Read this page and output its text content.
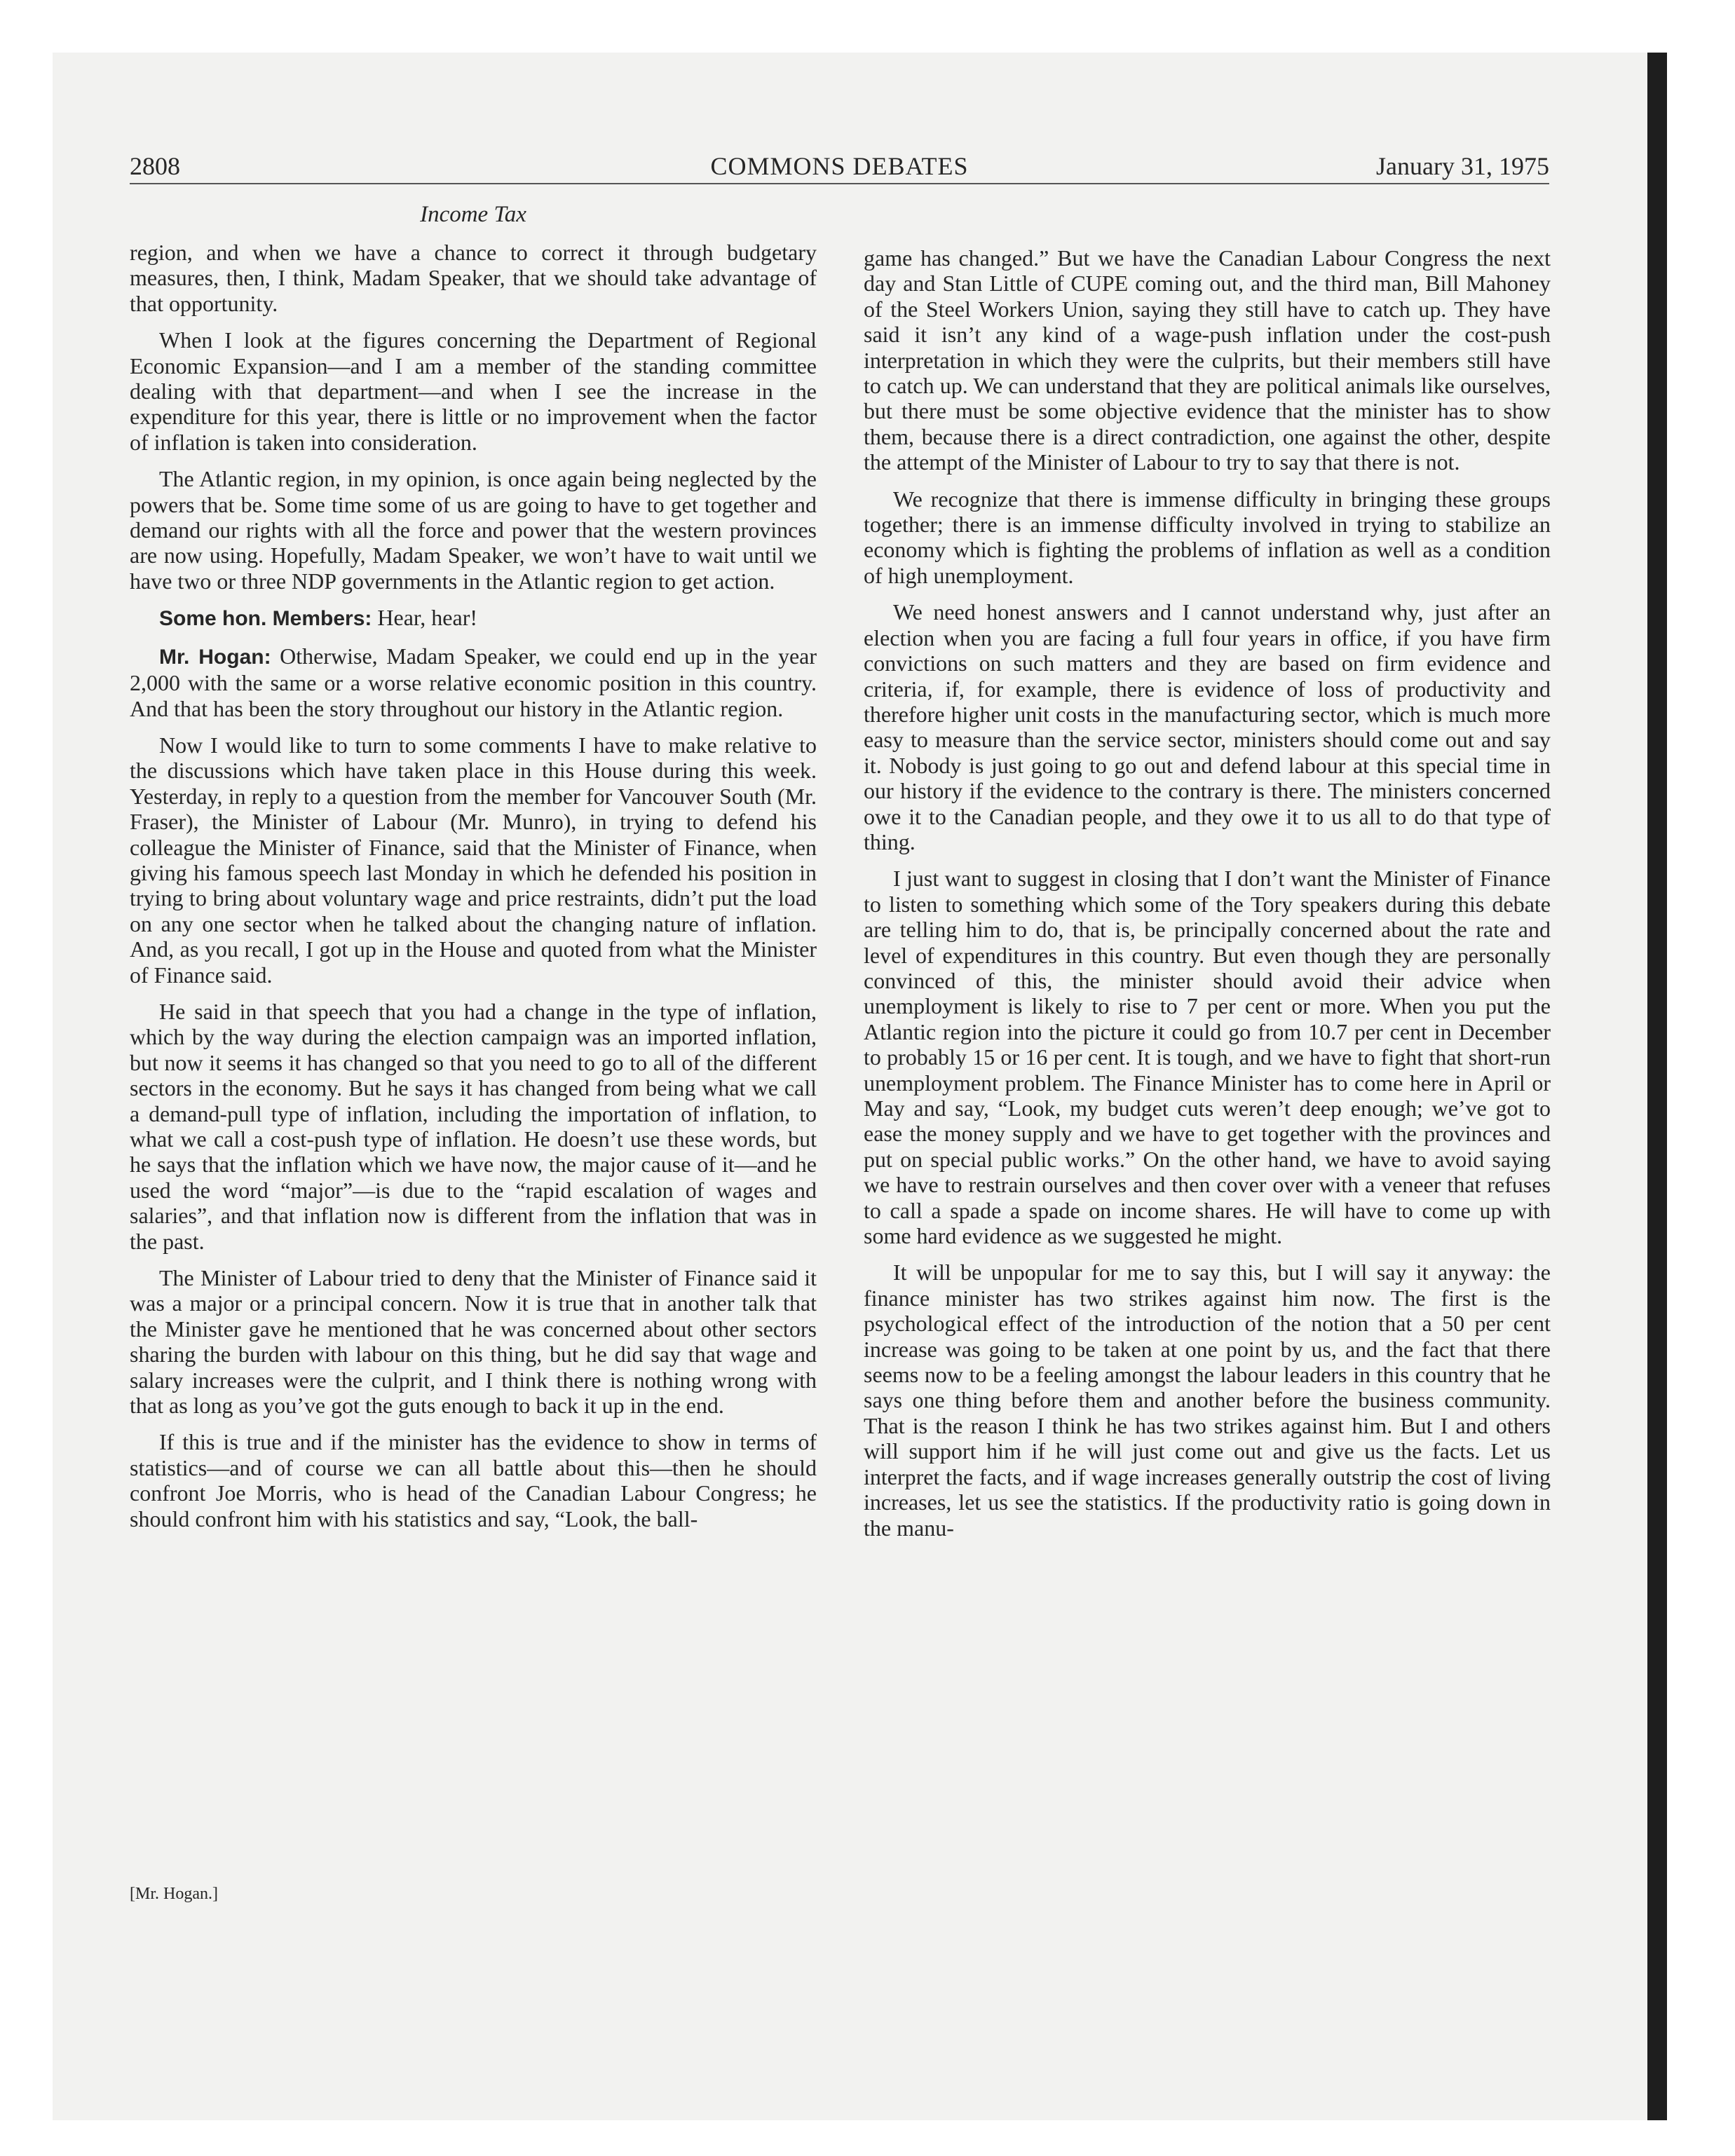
2808	COMMONS DEBATES	January 31, 1975
Income Tax

region, and when we have a chance to correct it through budgetary measures, then, I think, Madam Speaker, that we should take advantage of that opportunity.

When I look at the figures concerning the Department of Regional Economic Expansion—and I am a member of the standing committee dealing with that department—and when I see the increase in the expenditure for this year, there is little or no improvement when the factor of inflation is taken into consideration.

The Atlantic region, in my opinion, is once again being neglected by the powers that be. Some time some of us are going to have to get together and demand our rights with all the force and power that the western provinces are now using. Hopefully, Madam Speaker, we won’t have to wait until we have two or three NDP governments in the Atlantic region to get action.

Some hon. Members: Hear, hear!

Mr. Hogan: Otherwise, Madam Speaker, we could end up in the year 2,000 with the same or a worse relative economic position in this country. And that has been the story throughout our history in the Atlantic region.

Now I would like to turn to some comments I have to make relative to the discussions which have taken place in this House during this week. Yesterday, in reply to a question from the member for Vancouver South (Mr. Fraser), the Minister of Labour (Mr. Munro), in trying to defend his colleague the Minister of Finance, said that the Minister of Finance, when giving his famous speech last Monday in which he defended his position in trying to bring about voluntary wage and price restraints, didn’t put the load on any one sector when he talked about the changing nature of inflation. And, as you recall, I got up in the House and quoted from what the Minister of Finance said.

He said in that speech that you had a change in the type of inflation, which by the way during the election campaign was an imported inflation, but now it seems it has changed so that you need to go to all of the different sectors in the economy. But he says it has changed from being what we call a demand-pull type of inflation, including the importation of inflation, to what we call a cost-push type of inflation. He doesn’t use these words, but he says that the inflation which we have now, the major cause of it—and he used the word “major”—is due to the “rapid escalation of wages and salaries”, and that inflation now is different from the inflation that was in the past.

The Minister of Labour tried to deny that the Minister of Finance said it was a major or a principal concern. Now it is true that in another talk that the Minister gave he mentioned that he was concerned about other sectors sharing the burden with labour on this thing, but he did say that wage and salary increases were the culprit, and I think there is nothing wrong with that as long as you’ve got the guts enough to back it up in the end.

If this is true and if the minister has the evidence to show in terms of statistics—and of course we can all battle about this—then he should confront Joe Morris, who is head of the Canadian Labour Congress; he should confront him with his statistics and say, “Look, the ball-

[Mr. Hogan.]

game has changed.” But we have the Canadian Labour Congress the next day and Stan Little of CUPE coming out, and the third man, Bill Mahoney of the Steel Workers Union, saying they still have to catch up. They have said it isn’t any kind of a wage-push inflation under the cost-push interpretation in which they were the culprits, but their members still have to catch up. We can understand that they are political animals like ourselves, but there must be some objective evidence that the minister has to show them, because there is a direct contradiction, one against the other, despite the attempt of the Minister of Labour to try to say that there is not.

We recognize that there is immense difficulty in bringing these groups together; there is an immense difficulty involved in trying to stabilize an economy which is fighting the problems of inflation as well as a condition of high unemployment.

We need honest answers and I cannot understand why, just after an election when you are facing a full four years in office, if you have firm convictions on such matters and they are based on firm evidence and criteria, if, for example, there is evidence of loss of productivity and therefore higher unit costs in the manufacturing sector, which is much more easy to measure than the service sector, ministers should come out and say it. Nobody is just going to go out and defend labour at this special time in our history if the evidence to the contrary is there. The ministers concerned owe it to the Canadian people, and they owe it to us all to do that type of thing.

I just want to suggest in closing that I don’t want the Minister of Finance to listen to something which some of the Tory speakers during this debate are telling him to do, that is, be principally concerned about the rate and level of expenditures in this country. But even though they are personally convinced of this, the minister should avoid their advice when unemployment is likely to rise to 7 per cent or more. When you put the Atlantic region into the picture it could go from 10.7 per cent in December to probably 15 or 16 per cent. It is tough, and we have to fight that short-run unemployment problem. The Finance Minister has to come here in April or May and say, “Look, my budget cuts weren’t deep enough; we’ve got to ease the money supply and we have to get together with the provinces and put on special public works.” On the other hand, we have to avoid saying we have to restrain ourselves and then cover over with a veneer that refuses to call a spade a spade on income shares. He will have to come up with some hard evidence as we suggested he might.

It will be unpopular for me to say this, but I will say it anyway: the finance minister has two strikes against him now. The first is the psychological effect of the introduction of the notion that a 50 per cent increase was going to be taken at one point by us, and the fact that there seems now to be a feeling amongst the labour leaders in this country that he says one thing before them and another before the business community. That is the reason I think he has two strikes against him. But I and others will support him if he will just come out and give us the facts. Let us interpret the facts, and if wage increases generally outstrip the cost of living increases, let us see the statistics. If the productivity ratio is going down in the manu-
